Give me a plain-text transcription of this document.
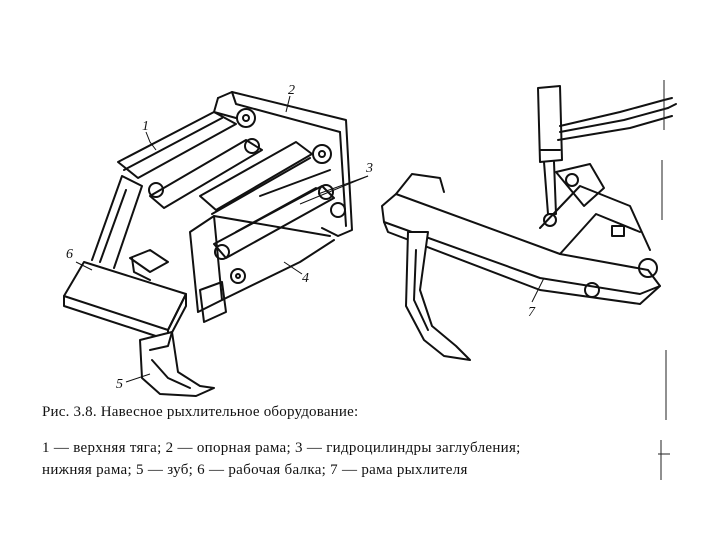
1
2
3
4
5
6
7
Рис. 3.8. Навесное рыхлительное оборудование:
1 — верхняя тяга; 2 — опорная рама; 3 — гидроцилиндры заглубления;
нижняя рама; 5 — зуб; 6 — рабочая балка; 7 — рама рыхлителя
